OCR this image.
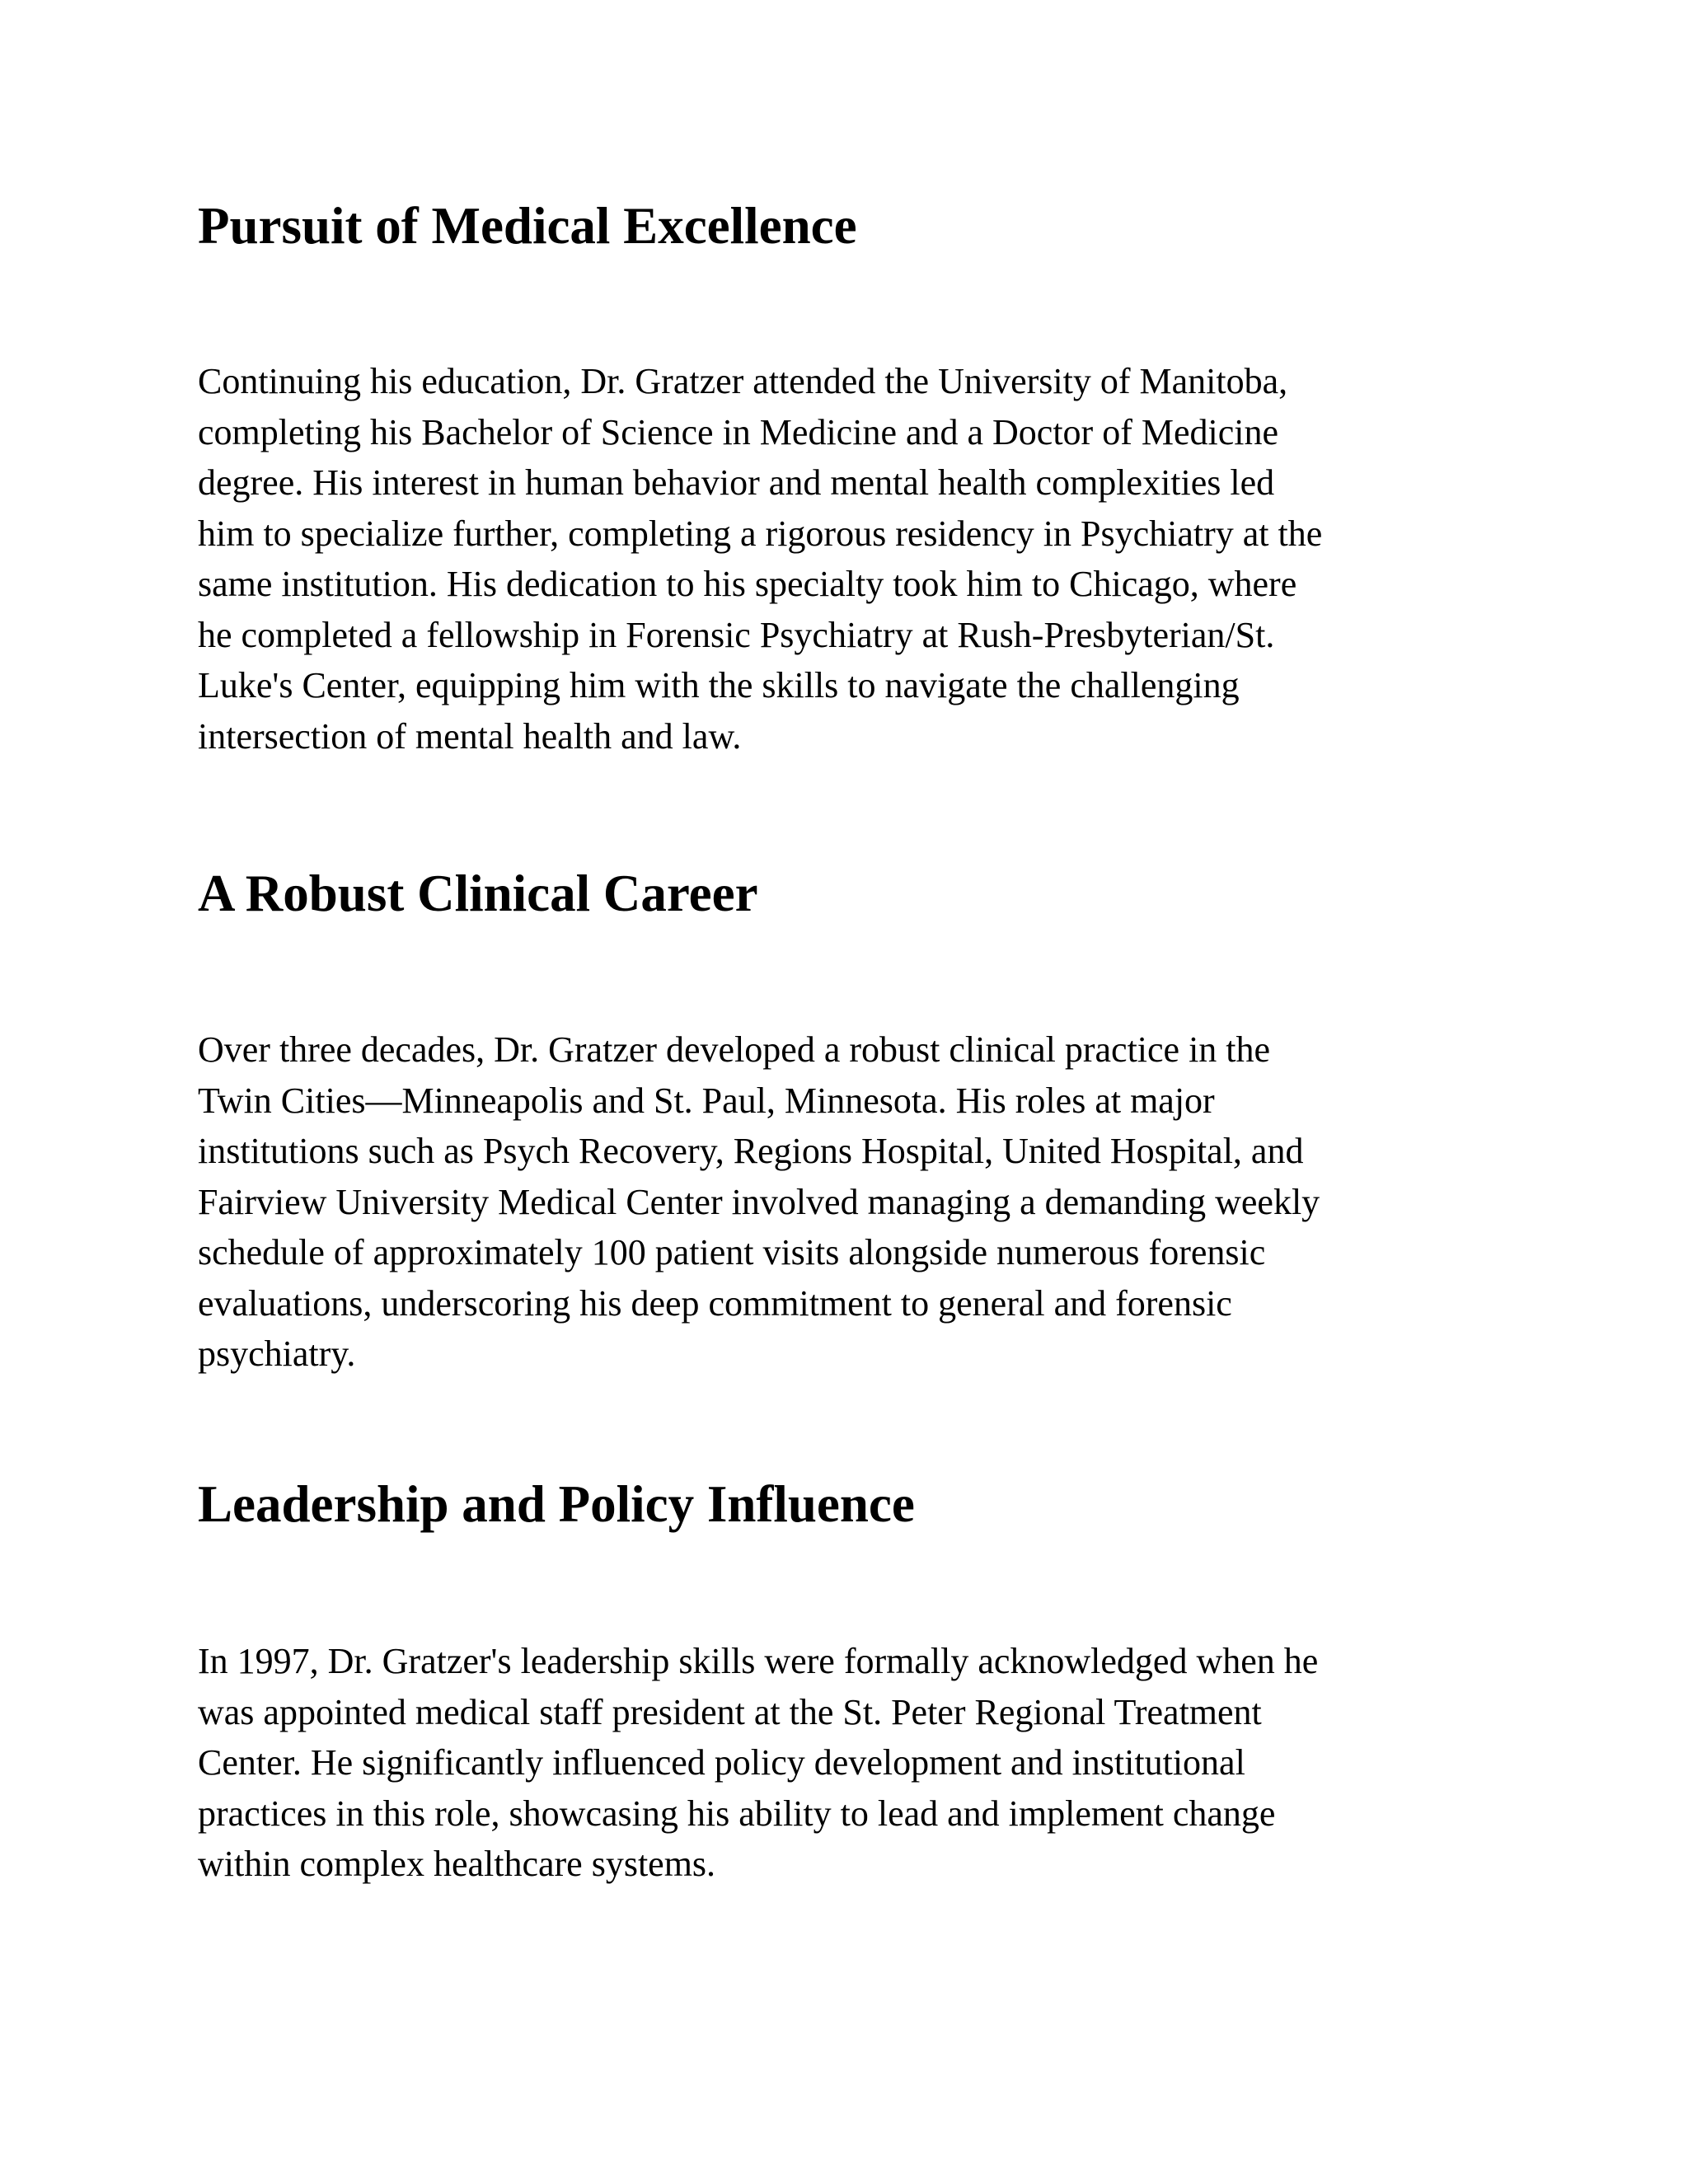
Pursuit of Medical Excellence

Continuing his education, Dr. Gratzer attended the University of Manitoba,
completing his Bachelor of Science in Medicine and a Doctor of Medicine
degree. His interest in human behavior and mental health complexities led
him to specialize further, completing a rigorous residency in Psychiatry at the
same institution. His dedication to his specialty took him to Chicago, where
he completed a fellowship in Forensic Psychiatry at Rush-Presbyterian/St.
Luke's Center, equipping him with the skills to navigate the challenging
intersection of mental health and law.

A Robust Clinical Career

Over three decades, Dr. Gratzer developed a robust clinical practice in the
Twin Cities—Minneapolis and St. Paul, Minnesota. His roles at major
institutions such as Psych Recovery, Regions Hospital, United Hospital, and
Fairview University Medical Center involved managing a demanding weekly
schedule of approximately 100 patient visits alongside numerous forensic
evaluations, underscoring his deep commitment to general and forensic
psychiatry.

Leadership and Policy Influence

In 1997, Dr. Gratzer's leadership skills were formally acknowledged when he
was appointed medical staff president at the St. Peter Regional Treatment
Center. He significantly influenced policy development and institutional
practices in this role, showcasing his ability to lead and implement change
within complex healthcare systems.
